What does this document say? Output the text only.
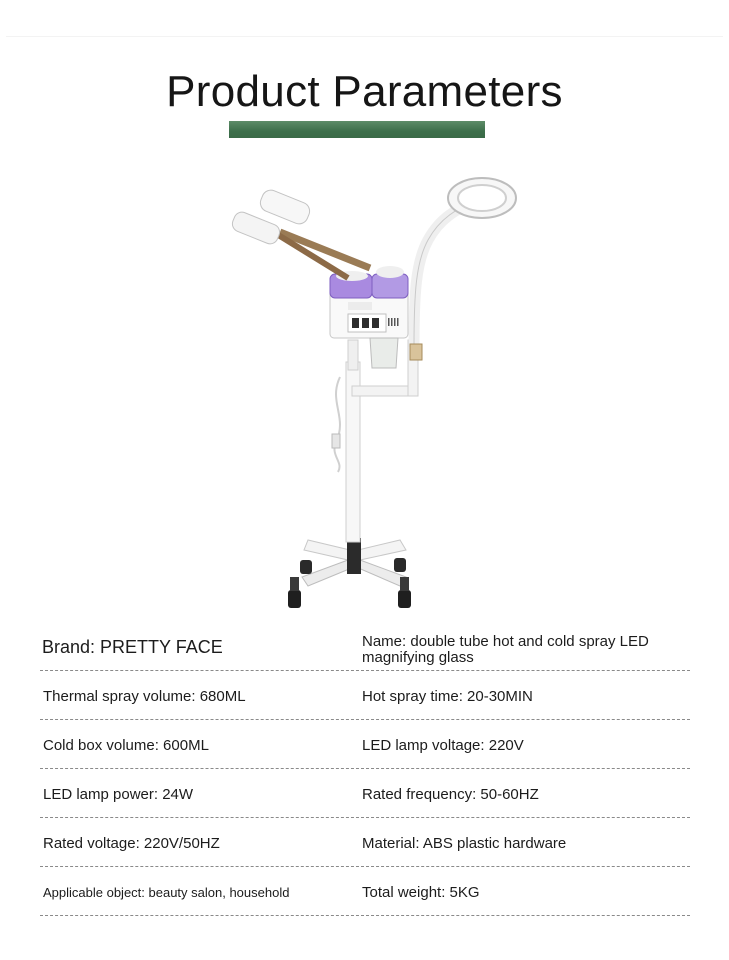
Product Parameters
Brand: PRETTY FACE	Name: double tube hot and cold spray LED magnifying glass
Thermal spray volume: 680ML	Hot spray time: 20-30MIN
Cold box volume: 600ML	LED lamp voltage: 220V
LED lamp power: 24W	Rated frequency: 50-60HZ
Rated voltage: 220V/50HZ	Material: ABS plastic hardware
Applicable object: beauty salon, household	Total weight: 5KG
